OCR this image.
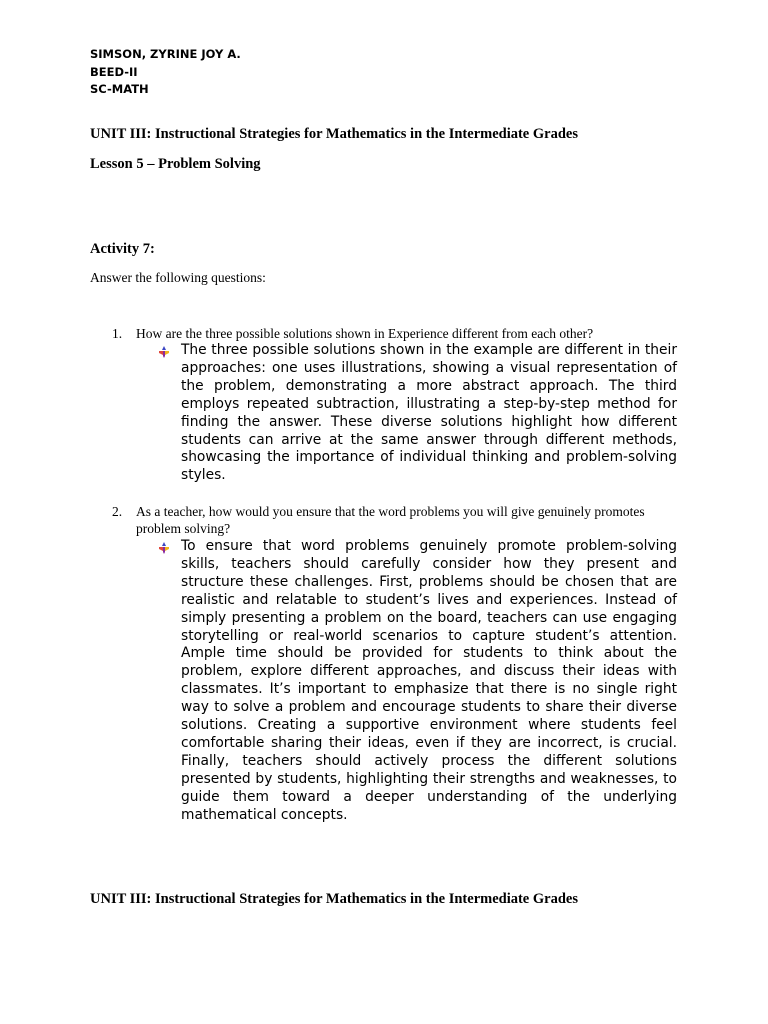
SIMSON, ZYRINE JOY A.
BEED-II
SC-MATH
UNIT III: Instructional Strategies for Mathematics in the Intermediate Grades
Lesson 5 – Problem Solving
Activity 7:
Answer the following questions:
1. How are the three possible solutions shown in Experience different from each other?
The three possible solutions shown in the example are different in their approaches: one uses illustrations, showing a visual representation of the problem, demonstrating a more abstract approach. The third employs repeated subtraction, illustrating a step-by-step method for finding the answer. These diverse solutions highlight how different students can arrive at the same answer through different methods, showcasing the importance of individual thinking and problem-solving styles.
2. As a teacher, how would you ensure that the word problems you will give genuinely promotes problem solving?
To ensure that word problems genuinely promote problem-solving skills, teachers should carefully consider how they present and structure these challenges. First, problems should be chosen that are realistic and relatable to student’s lives and experiences. Instead of simply presenting a problem on the board, teachers can use engaging storytelling or real-world scenarios to capture student’s attention. Ample time should be provided for students to think about the problem, explore different approaches, and discuss their ideas with classmates. It’s important to emphasize that there is no single right way to solve a problem and encourage students to share their diverse solutions. Creating a supportive environment where students feel comfortable sharing their ideas, even if they are incorrect, is crucial. Finally, teachers should actively process the different solutions presented by students, highlighting their strengths and weaknesses, to guide them toward a deeper understanding of the underlying mathematical concepts.
UNIT III: Instructional Strategies for Mathematics in the Intermediate Grades
